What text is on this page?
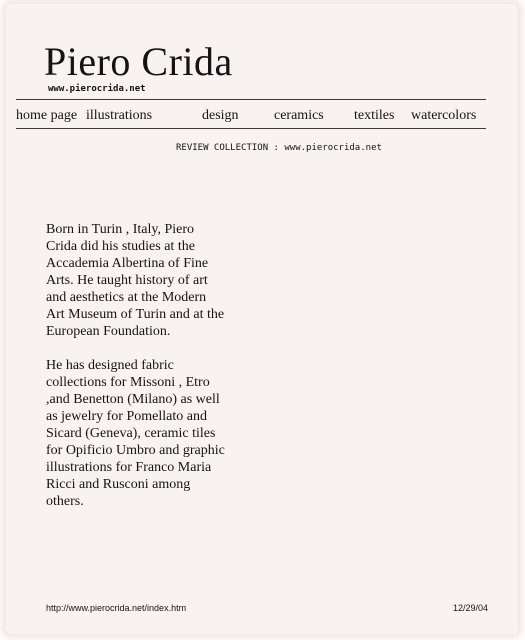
Piero Crida
www.pierocrida.net
home page illustrations	design	ceramics textiles watercolors
REVIEW COLLECTION : www.pierocrida.net

Born in Turin , Italy, Piero Crida did his studies at the Accademia Albertina of Fine Arts. He taught history of art and aesthetics at the Modern Art Museum of Turin and at the European Foundation.

He has designed fabric collections for Missoni , Etro ,and Benetton (Milano) as well as jewelry for Pomellato and Sicard (Geneva), ceramic tiles for Opificio Umbro and graphic illustrations for Franco Maria Ricci and Rusconi among others.

http://www.pierocrida.net/index.htm	12/29/04
